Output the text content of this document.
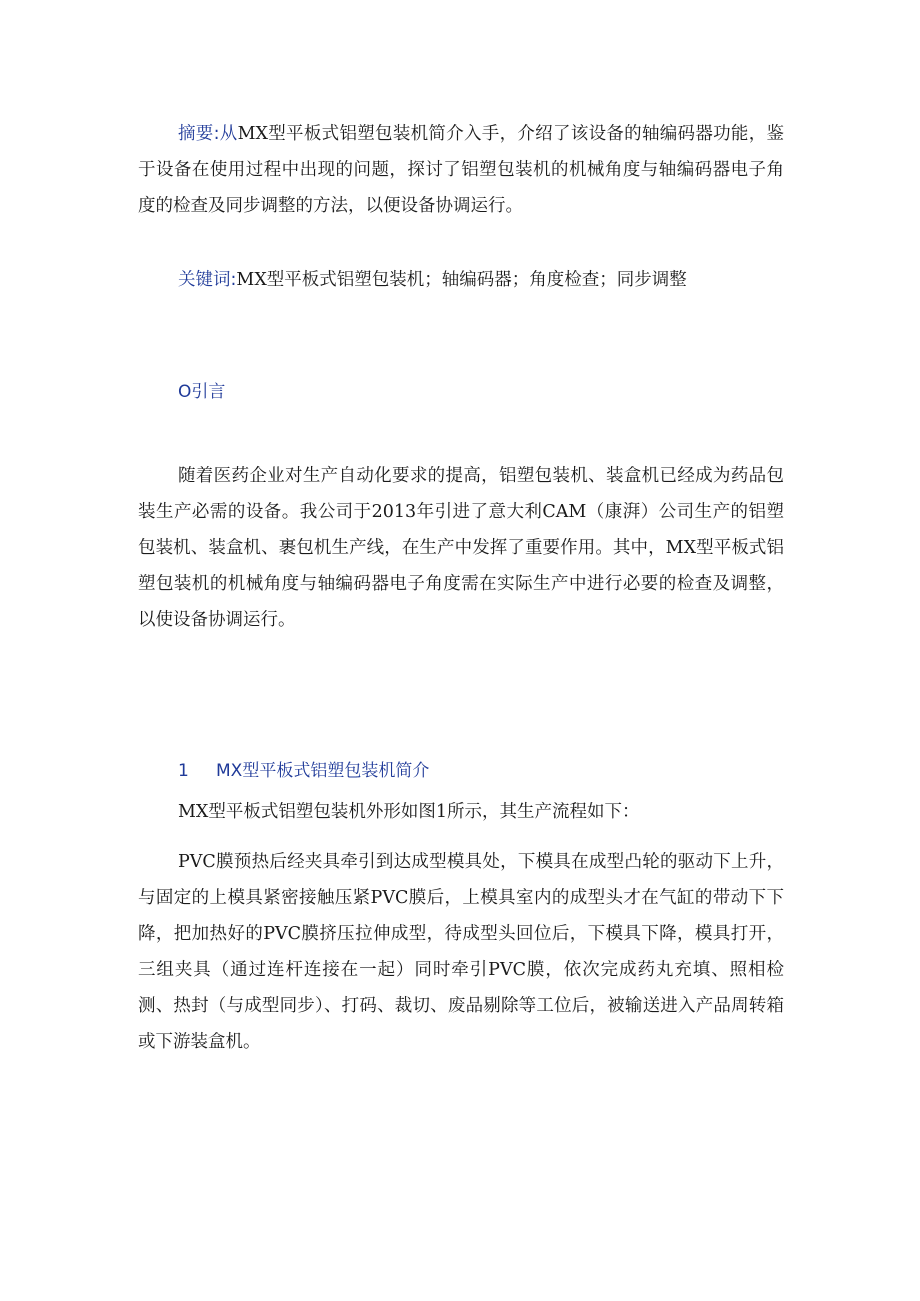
摘要:从MX型平板式铝塑包装机简介入手，介绍了该设备的轴编码器功能，鉴于设备在使用过程中出现的问题，探讨了铝塑包装机的机械角度与轴编码器电子角度的检查及同步调整的方法，以便设备协调运行。

关键词:MX型平板式铝塑包装机；轴编码器；角度检查；同步调整

O引言

随着医药企业对生产自动化要求的提高，铝塑包装机、装盒机已经成为药品包装生产必需的设备。我公司于2013年引进了意大利CAM（康湃）公司生产的铝塑包装机、装盒机、裹包机生产线，在生产中发挥了重要作用。其中，MX型平板式铝塑包装机的机械角度与轴编码器电子角度需在实际生产中进行必要的检查及调整，以使设备协调运行。

1 MX型平板式铝塑包装机简介

MX型平板式铝塑包装机外形如图1所示，其生产流程如下：

PVC膜预热后经夹具牵引到达成型模具处，下模具在成型凸轮的驱动下上升，与固定的上模具紧密接触压紧PVC膜后，上模具室内的成型头才在气缸的带动下下降，把加热好的PVC膜挤压拉伸成型，待成型头回位后，下模具下降，模具打开，三组夹具（通过连杆连接在一起）同时牵引PVC膜，依次完成药丸充填、照相检测、热封（与成型同步）、打码、裁切、废品剔除等工位后，被输送进入产品周转箱或下游装盒机。
